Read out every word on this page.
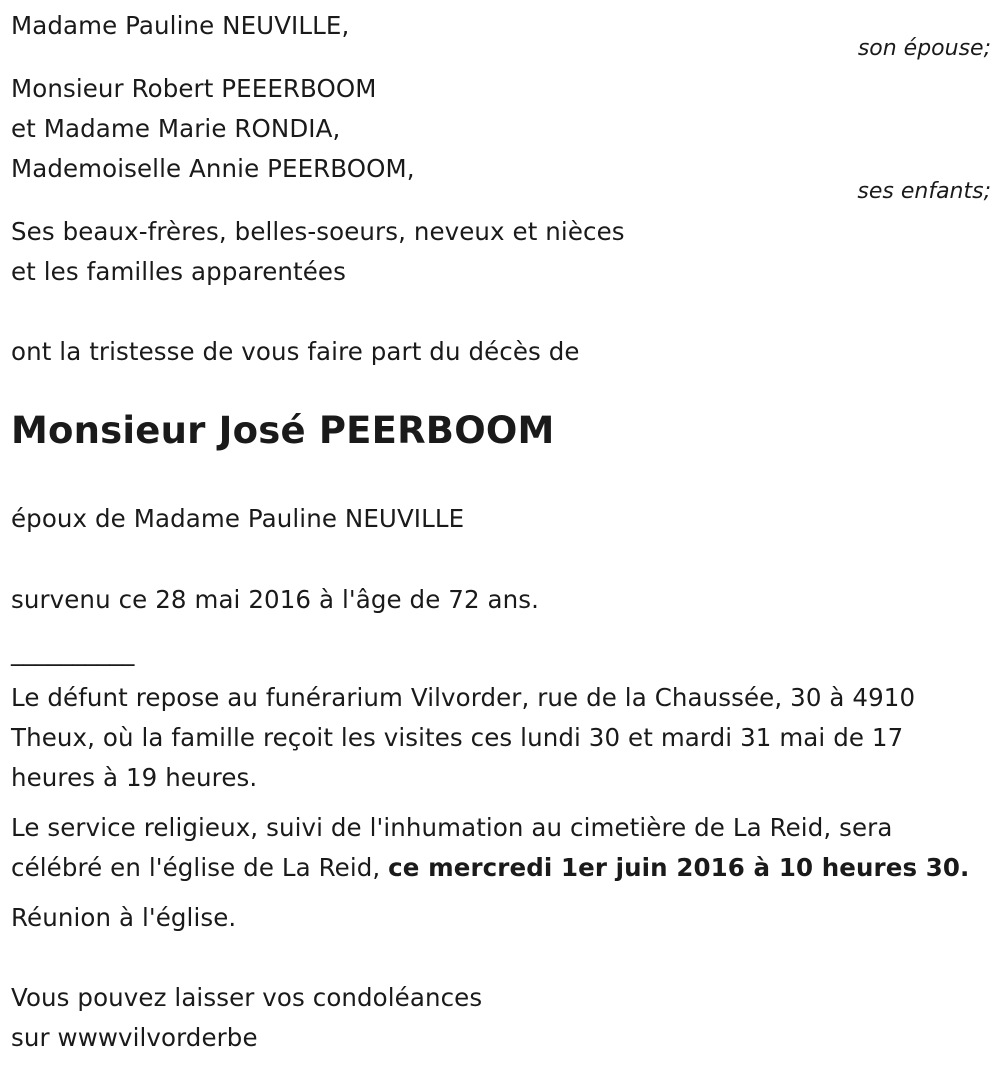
Madame Pauline NEUVILLE,
son épouse;
Monsieur Robert PEEERBOOM
et Madame Marie RONDIA,
Mademoiselle Annie PEERBOOM,
ses enfants;
Ses beaux-frères, belles-soeurs, neveux et nièces
et les familles apparentées
ont la tristesse de vous faire part du décès de
Monsieur José PEERBOOM
époux de Madame Pauline NEUVILLE
survenu ce 28 mai 2016 à l'âge de 72 ans.
__________
Le défunt repose au funérarium Vilvorder, rue de la Chaussée, 30 à 4910
Theux, où la famille reçoit les visites ces lundi 30 et mardi 31 mai de 17
heures à 19 heures.
Le service religieux, suivi de l'inhumation au cimetière de La Reid, sera
célébré en l'église de La Reid, ce mercredi 1er juin 2016 à 10 heures 30.
Réunion à l'église.
Vous pouvez laisser vos condoléances
sur wwwvilvorderbe
